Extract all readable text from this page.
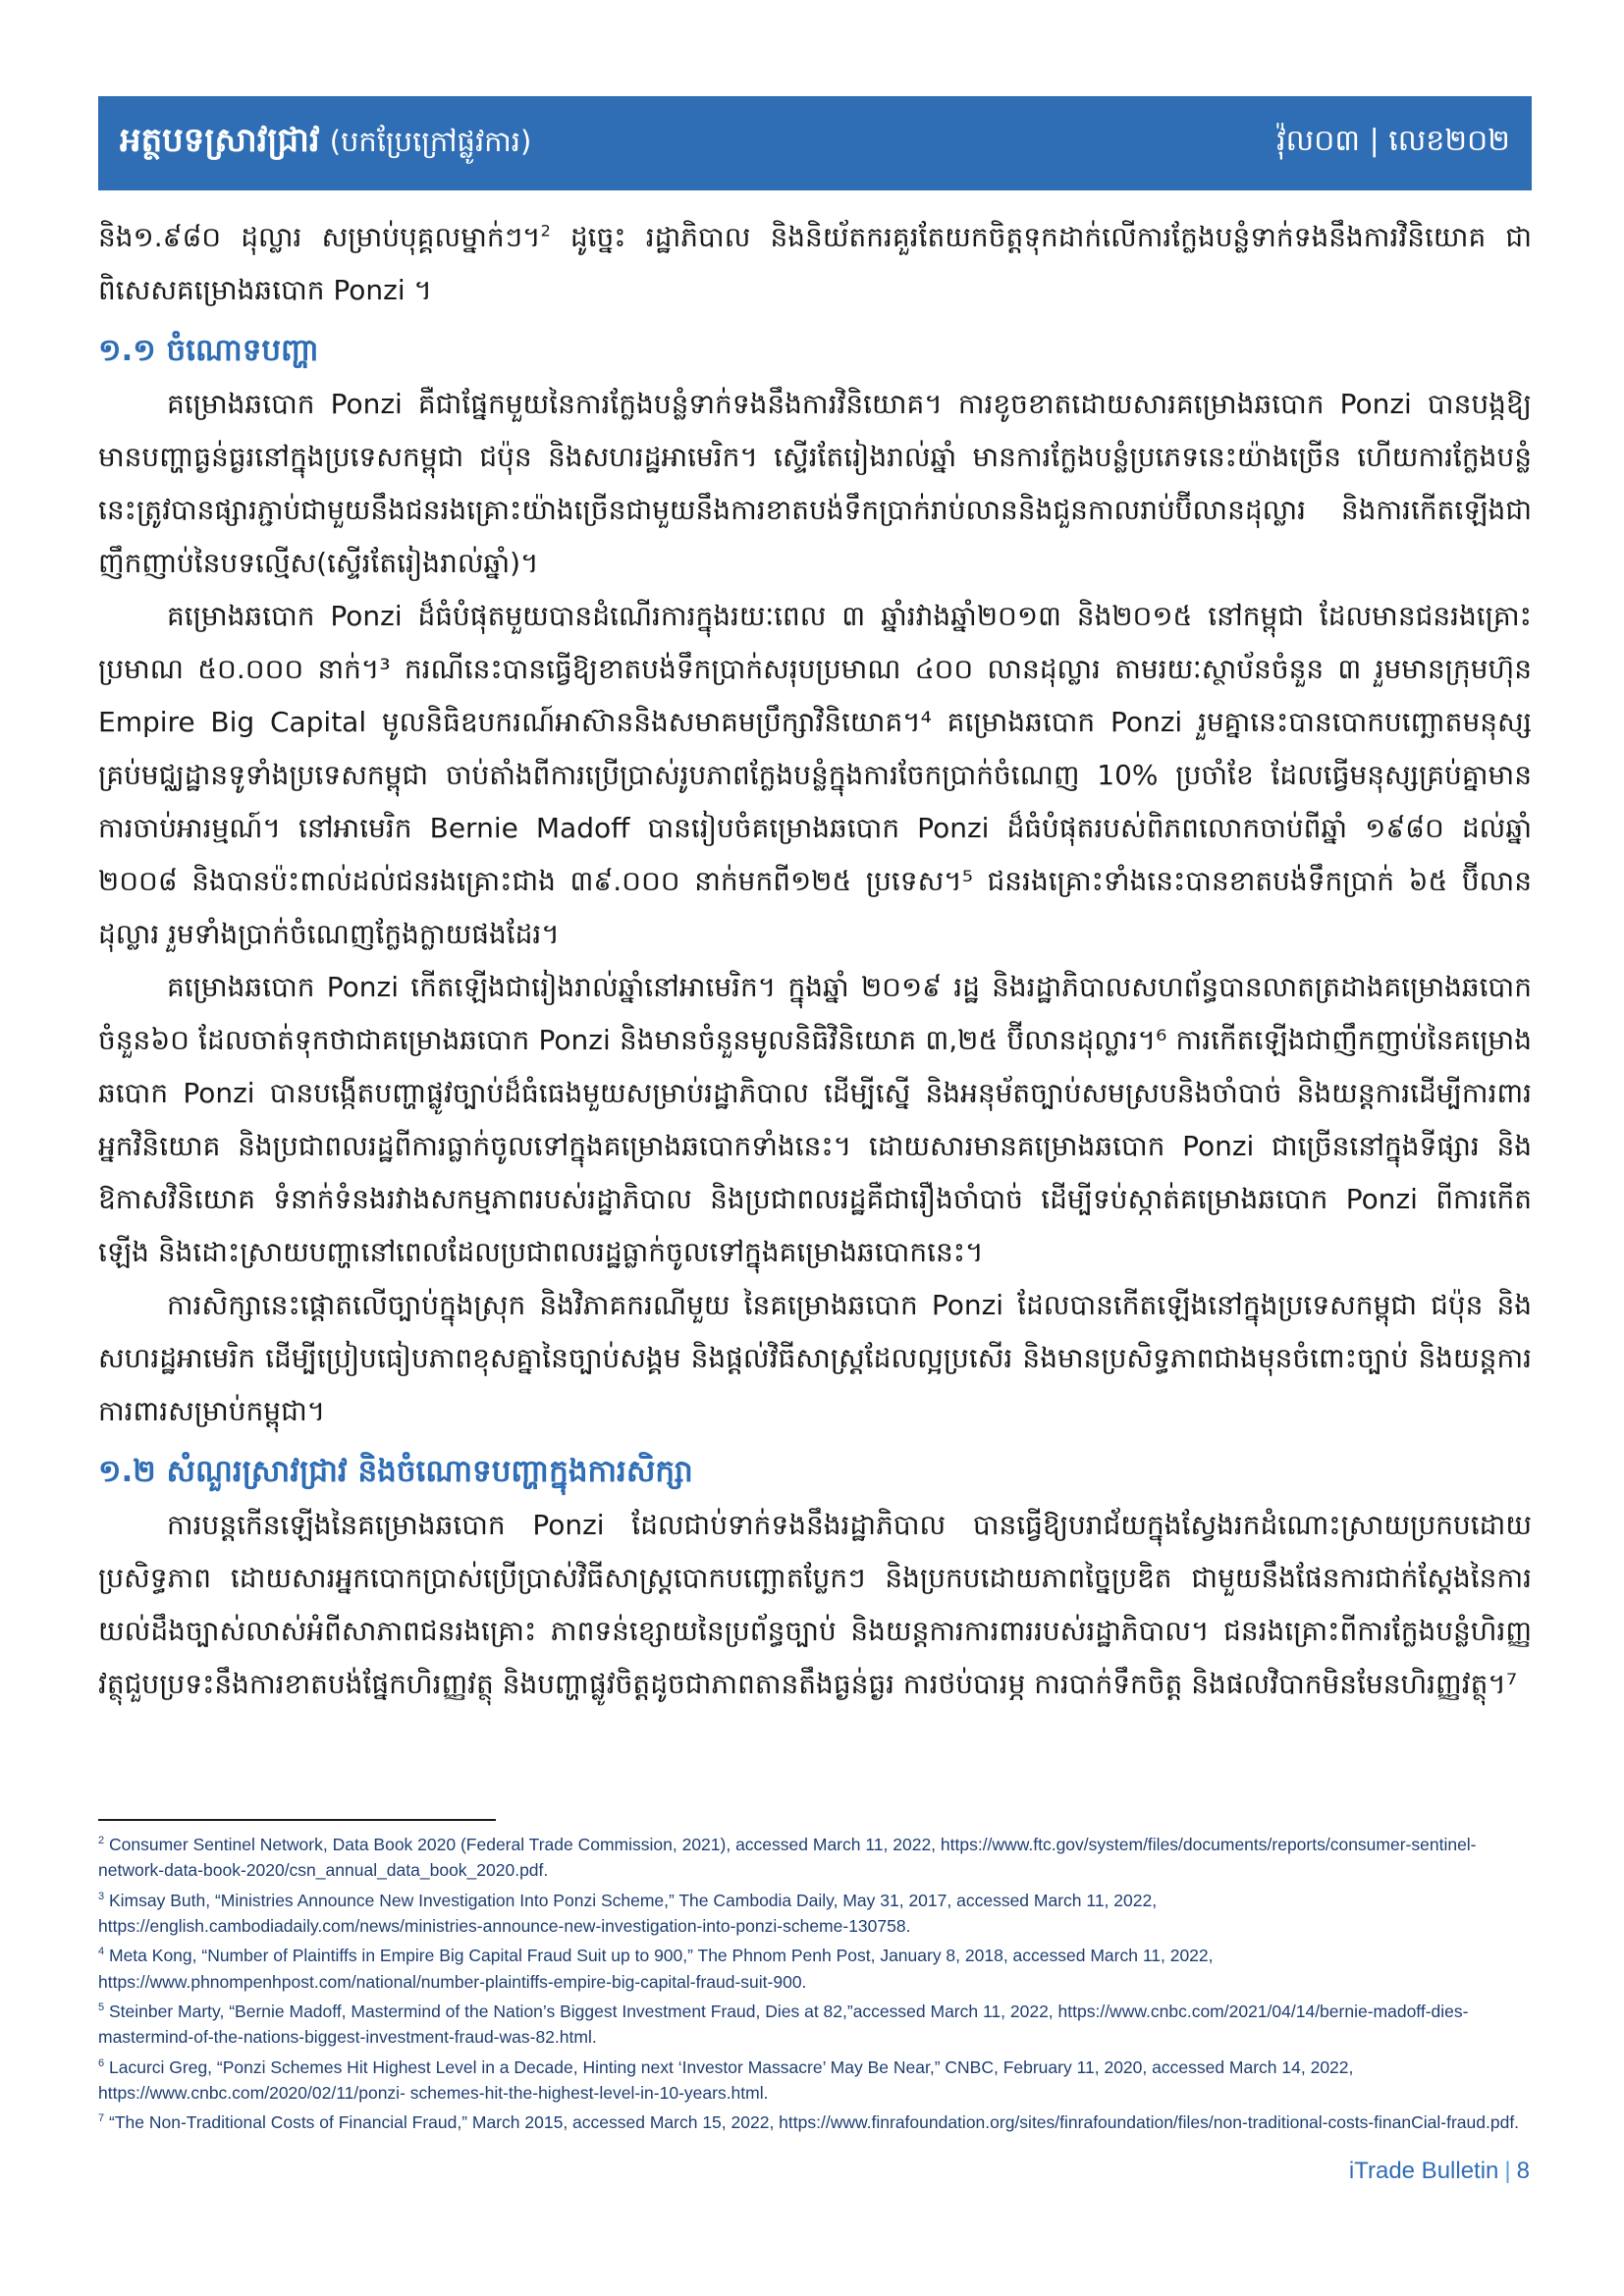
អត្ថបទស្រាវជ្រាវ (បកប្រែក្រៅផ្លូវការ)	វ៉ុល០៣ | លេខ២០២

និង១.៩៨០ ដុល្លារ សម្រាប់បុគ្គលម្នាក់ៗ។$^2$ ដូច្នេះ រដ្ឋាភិបាល និងនិយ័តករគួរតែយកចិត្តទុកដាក់លើការក្លែងបន្លំទាក់ទងនឹងការវិនិយោគ ជាពិសេសគម្រោងឆបោក Ponzi ។

១.១ ចំណោទបញ្ហា

គម្រោងឆបោក Ponzi គឺជាផ្នែកមួយនៃការក្លែងបន្លំទាក់ទងនឹងការវិនិយោគ។ ការខូចខាតដោយសារគម្រោងឆបោក Ponzi បានបង្កឱ្យមានបញ្ហាធ្ងន់ធ្ងរនៅក្នុងប្រទេសកម្ពុជា ជប៉ុន និងសហរដ្ឋអាមេរិក។ ស្ទើរតែរៀងរាល់ឆ្នាំ មានការក្លែងបន្លំប្រភេទនេះយ៉ាងច្រើន ហើយការក្លែងបន្លំនេះត្រូវបានផ្សារភ្ជាប់ជាមួយនឹងជនរងគ្រោះយ៉ាងច្រើនជាមួយនឹងការខាតបង់ទឹកប្រាក់រាប់លាននិងជួនកាលរាប់ប៊ីលានដុល្លារ និងការកើតឡើងជាញឹកញាប់នៃបទល្មើស(ស្ទើរតែរៀងរាល់ឆ្នាំ)។

គម្រោងឆបោក Ponzi ដ៏ធំបំផុតមួយបានដំណើរការក្នុងរយៈពេល ៣ ឆ្នាំរវាងឆ្នាំ២០១៣ និង២០១៥ នៅកម្ពុជា ដែលមានជនរងគ្រោះប្រមាណ ៥០.០០០ នាក់។³ ករណីនេះបានធ្វើឱ្យខាតបង់ទឹកប្រាក់សរុបប្រមាណ ៤០០ លានដុល្លារ តាមរយៈស្ថាប័នចំនួន ៣ រួមមានក្រុមហ៊ុន Empire Big Capital មូលនិធិឧបករណ៍អាស៊ាននិងសមាគមប្រឹក្សាវិនិយោគ។⁴ គម្រោងឆបោក Ponzi រួមគ្នានេះបានបោកបញ្ឆោតមនុស្សគ្រប់មជ្ឈដ្ឋានទូទាំងប្រទេសកម្ពុជា ចាប់តាំងពីការប្រើប្រាស់រូបភាពក្លែងបន្លំក្នុងការចែកប្រាក់ចំណេញ 10% ប្រចាំខែ ដែលធ្វើមនុស្សគ្រប់គ្នាមានការចាប់អារម្មណ៍។ នៅអាមេរិក Bernie Madoff បានរៀបចំគម្រោងឆបោក Ponzi ដ៏ធំបំផុតរបស់ពិភពលោកចាប់ពីឆ្នាំ ១៩៨០ ដល់ឆ្នាំ ២០០៨ និងបានប៉ះពាល់ដល់ជនរងគ្រោះជាង ៣៩.០០០ នាក់មកពី១២៥ ប្រទេស។⁵ ជនរងគ្រោះទាំងនេះបានខាតបង់ទឹកប្រាក់ ៦៥ ប៊ីលានដុល្លារ រួមទាំងប្រាក់ចំណេញក្លែងក្លាយផងដែរ។

គម្រោងឆបោក Ponzi កើតឡើងជារៀងរាល់ឆ្នាំនៅអាមេរិក។ ក្នុងឆ្នាំ ២០១៩ រដ្ឋ និងរដ្ឋាភិបាលសហព័ន្ធបានលាតត្រដាងគម្រោងឆបោកចំនួន៦០ ដែលចាត់ទុកថាជាគម្រោងឆបោក Ponzi និងមានចំនួនមូលនិធិវិនិយោគ ៣,២៥ ប៊ីលានដុល្លារ។⁶ ការកើតឡើងជាញឹកញាប់នៃគម្រោងឆបោក Ponzi បានបង្កើតបញ្ហាផ្លូវច្បាប់ដ៏ធំធេងមួយសម្រាប់រដ្ឋាភិបាល ដើម្បីស្នើ និងអនុម័តច្បាប់សមស្របនិងចាំបាច់ និងយន្តការដើម្បីការពារអ្នកវិនិយោគ និងប្រជាពលរដ្ឋពីការធ្លាក់ចូលទៅក្នុងគម្រោងឆបោកទាំងនេះ។ ដោយសារមានគម្រោងឆបោក Ponzi ជាច្រើននៅក្នុងទីផ្សារ និងឱកាសវិនិយោគ ទំនាក់ទំនងរវាងសកម្មភាពរបស់រដ្ឋាភិបាល និងប្រជាពលរដ្ឋគឺជារឿងចាំបាច់ ដើម្បីទប់ស្កាត់គម្រោងឆបោក Ponzi ពីការកើតឡើង និងដោះស្រាយបញ្ហានៅពេលដែលប្រជាពលរដ្ឋធ្លាក់ចូលទៅក្នុងគម្រោងឆបោកនេះ។

ការសិក្សានេះផ្តោតលើច្បាប់ក្នុងស្រុក និងវិភាគករណីមួយ នៃគម្រោងឆបោក Ponzi ដែលបានកើតឡើងនៅក្នុងប្រទេសកម្ពុជា ជប៉ុន និងសហរដ្ឋអាមេរិក ដើម្បីប្រៀបធៀបភាពខុសគ្នានៃច្បាប់សង្គម និងផ្តល់វិធីសាស្ត្រដែលល្អប្រសើរ និងមានប្រសិទ្ធភាពជាងមុនចំពោះច្បាប់ និងយន្តការការពារសម្រាប់កម្ពុជា។

១.២ សំណួរស្រាវជ្រាវ និងចំណោទបញ្ហាក្នុងការសិក្សា

ការបន្តកើនឡើងនៃគម្រោងឆបោក Ponzi ដែលជាប់ទាក់ទងនឹងរដ្ឋាភិបាល បានធ្វើឱ្យបរាជ័យក្នុងស្វែងរកដំណោះស្រាយប្រកបដោយប្រសិទ្ធភាព ដោយសារអ្នកបោកប្រាស់ប្រើប្រាស់វិធីសាស្ត្របោកបញ្ឆោតប្លែកៗ និងប្រកបដោយភាពច្នៃប្រឌិត ជាមួយនឹងផែនការជាក់ស្តែងនៃការយល់ដឹងច្បាស់លាស់អំពីសាភាពជនរងគ្រោះ ភាពទន់ខ្សោយនៃប្រព័ន្ធច្បាប់ និងយន្តការការពាររបស់រដ្ឋាភិបាល។ ជនរងគ្រោះពីការក្លែងបន្លំហិរញ្ញវត្ថុជួបប្រទះនឹងការខាតបង់ផ្នែកហិរញ្ញវត្ថុ និងបញ្ហាផ្លូវចិត្តដូចជាភាពតានតឹងធ្ងន់ធ្ងរ ការថប់បារម្ភ ការបាក់ទឹកចិត្ត និងផលវិបាកមិនមែនហិរញ្ញវត្ថុ។⁷

$^2$ Consumer Sentinel Network, Data Book 2020 (Federal Trade Commission, 2021), accessed March 11, 2022, https://www.ftc.gov/system/files/documents/reports/consumer-sentinel-network-data-book-2020/csn_annual_data_book_2020.pdf.

$^3$ Kimsay Buth, “Ministries Announce New Investigation Into Ponzi Scheme,” The Cambodia Daily, May 31, 2017, accessed March 11, 2022, https://english.cambodiadaily.com/news/ministries-announce-new-investigation-into-ponzi-scheme-130758.

$^4$ Meta Kong, “Number of Plaintiffs in Empire Big Capital Fraud Suit up to 900,” The Phnom Penh Post, January 8, 2018, accessed March 11, 2022, https://www.phnompenhpost.com/national/number-plaintiffs-empire-big-capital-fraud-suit-900.

$^5$ Steinber Marty, “Bernie Madoff, Mastermind of the Nation’s Biggest Investment Fraud, Dies at 82,”accessed March 11, 2022, https://www.cnbc.com/2021/04/14/bernie-madoff-dies-mastermind-of-the-nations-biggest-investment-fraud-was-82.html.

$^6$ Lacurci Greg, “Ponzi Schemes Hit Highest Level in a Decade, Hinting next ‘Investor Massacre’ May Be Near,” CNBC, February 11, 2020, accessed March 14, 2022, https://www.cnbc.com/2020/02/11/ponzi- schemes-hit-the-highest-level-in-10-years.html.

$^7$ “The Non-Traditional Costs of Financial Fraud,” March 2015, accessed March 15, 2022, https://www.finrafoundation.org/sites/finrafoundation/files/non-traditional-costs-finanCial-fraud.pdf.

iTrade Bulletin | 8
